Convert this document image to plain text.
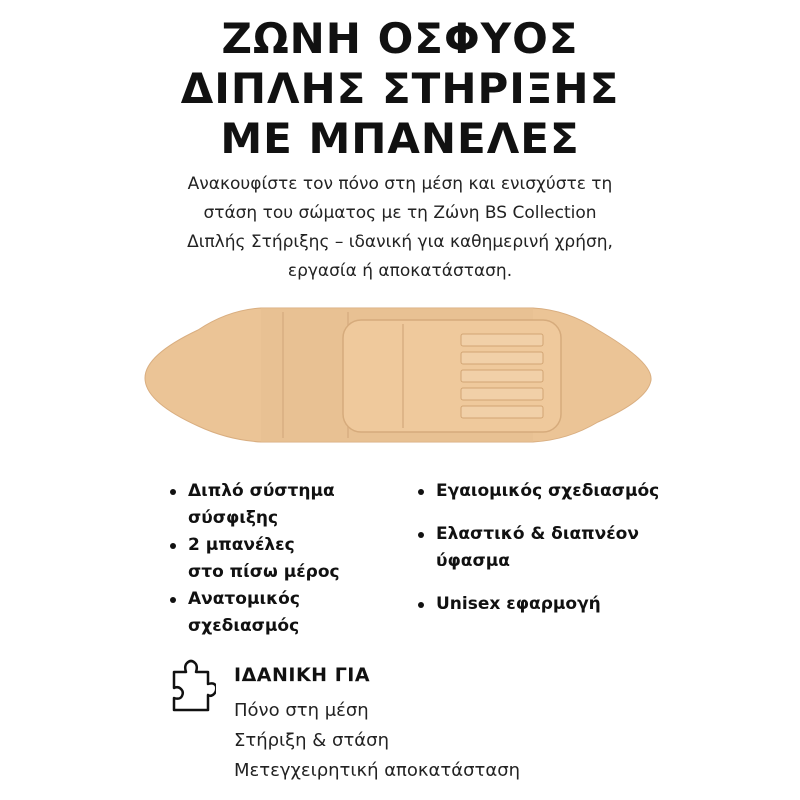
ΖΩΝΗ ΟΣΦΥΟΣ
ΔΙΠΛΗΣ ΣΤΗΡΙΞΗΣ
ΜΕ ΜΠΑΝΕΛΕΣ
Ανακουφίστε τον πόνο στη μέση και ενισχύστε τη
στάση του σώματος με τη Ζώνη BS Collection
Διπλής Στήριξης – ιδανική για καθημερινή χρήση,
εργασία ή αποκατάσταση.
Διπλό σύστημα
σύσφιξης
2 μπανέλες
στο πίσω μέρος
Ανατομικός
σχεδιασμός
Εγαιομικός σχεδιασμός
Ελαστικό & διαπνέον
ύφασμα
Unisex εφαρμογή
ΙΔΑΝΙΚΗ ΓΙΑ
Πόνο στη μέση
Στήριξη & στάση
Μετεγχειρητική αποκατάσταση
